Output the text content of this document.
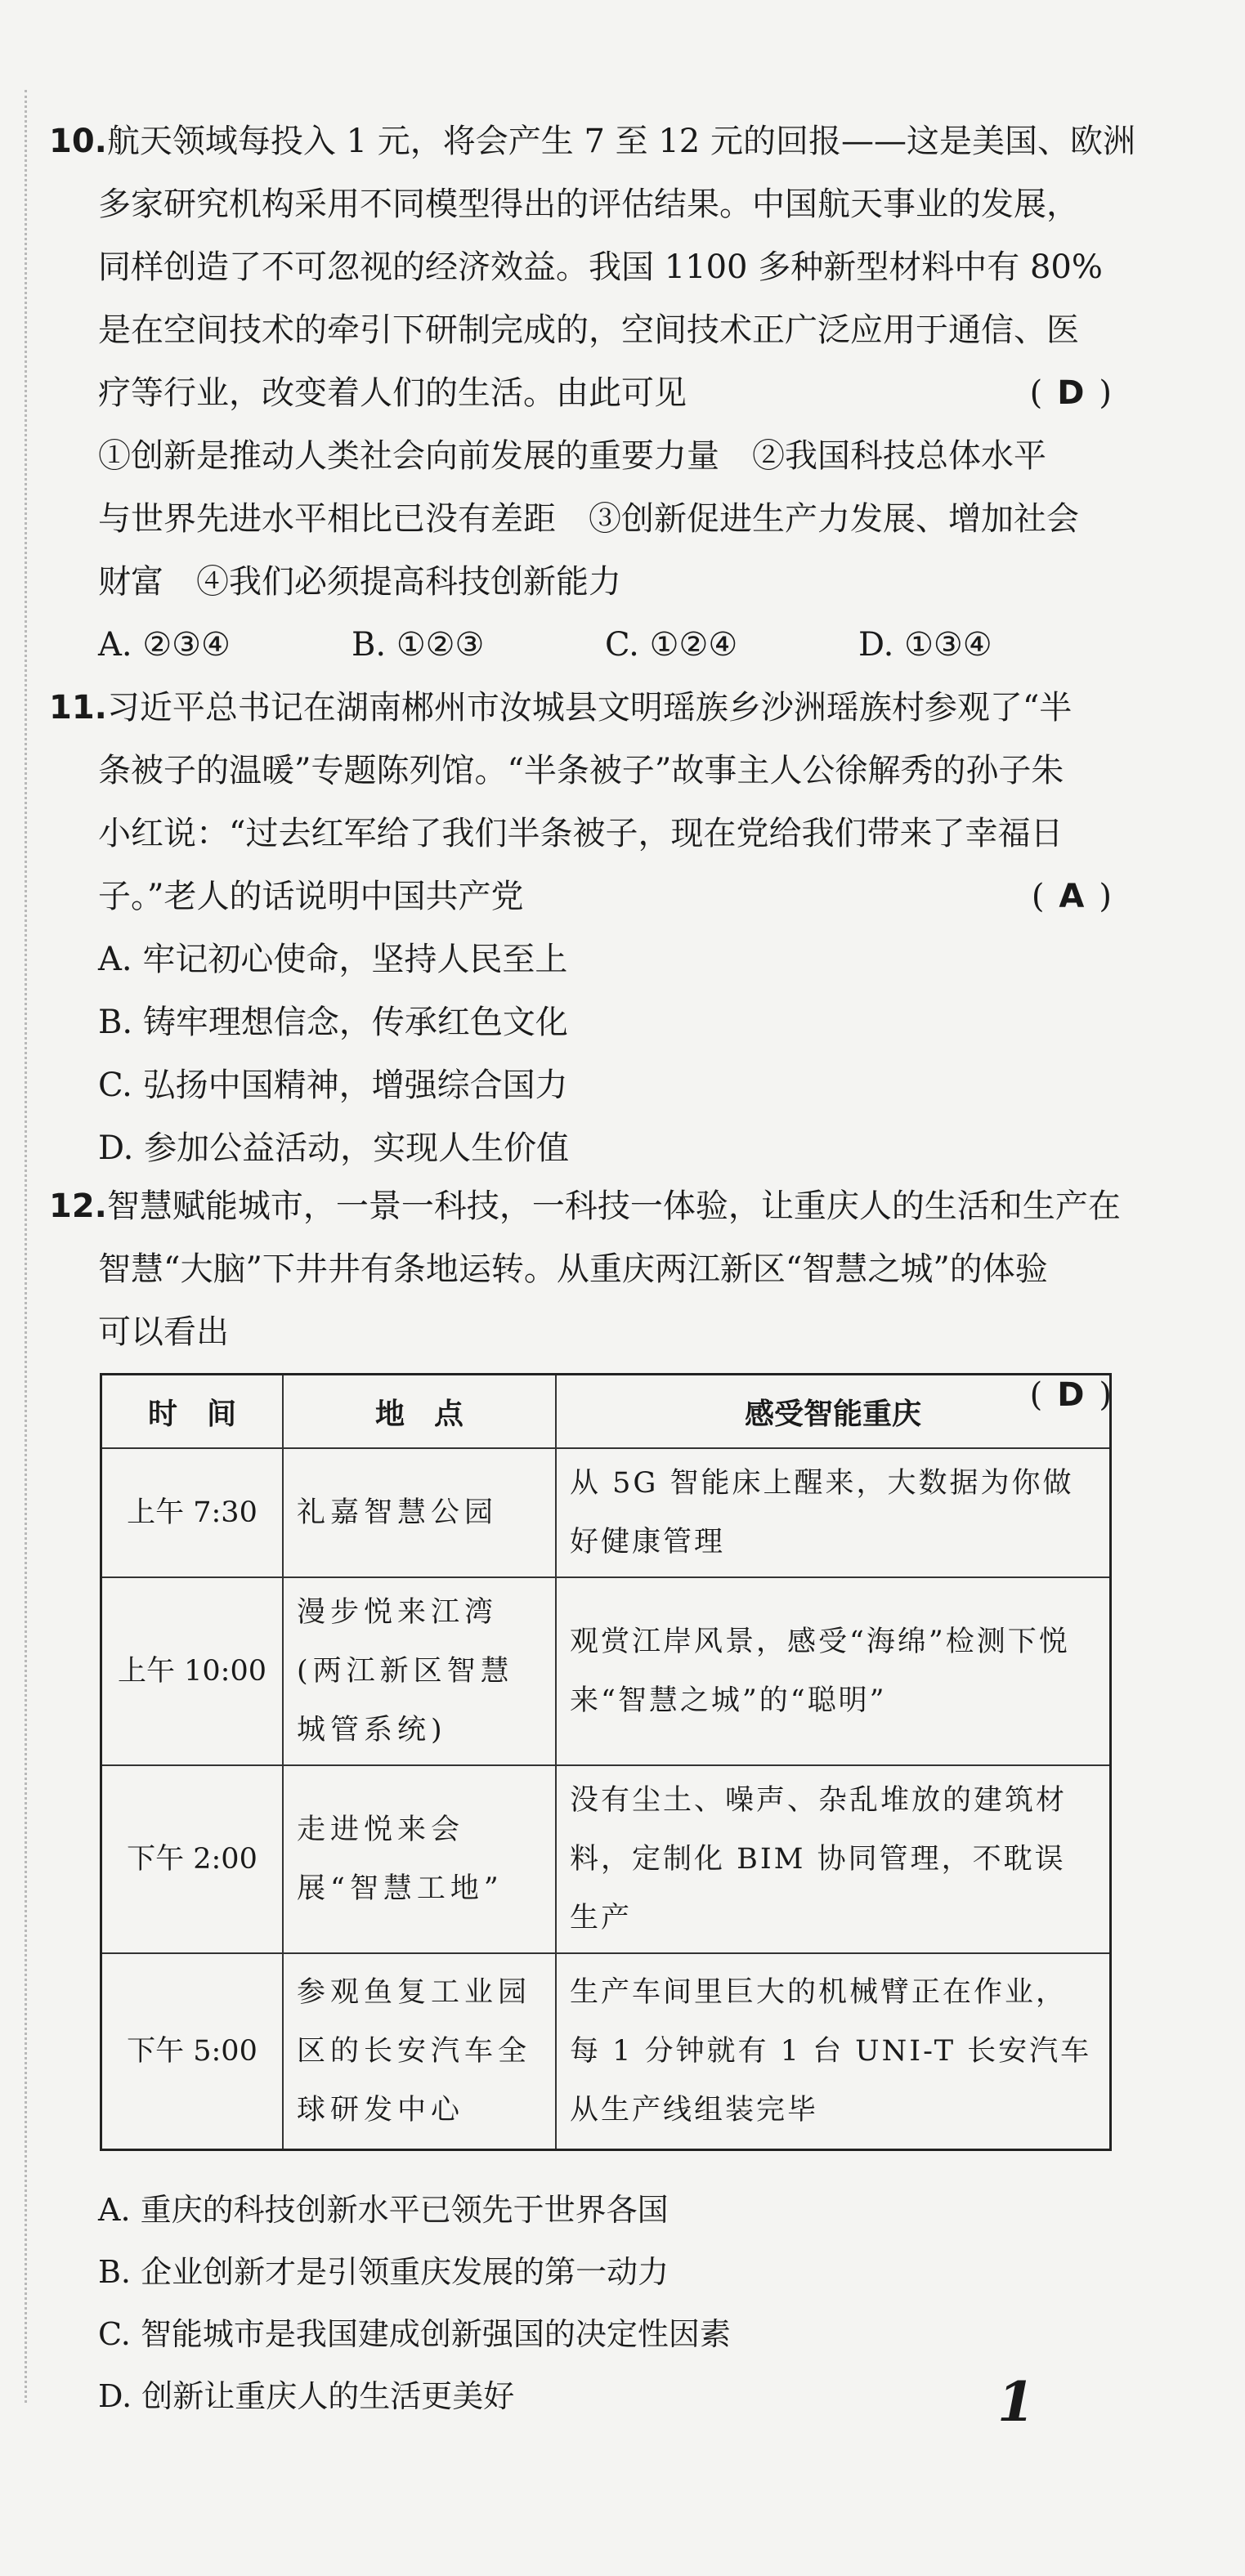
10.航天领域每投入 1 元，将会产生 7 至 12 元的回报——这是美国、欧洲
多家研究机构采用不同模型得出的评估结果。中国航天事业的发展，
同样创造了不可忽视的经济效益。我国 1100 多种新型材料中有 80%
是在空间技术的牵引下研制完成的，空间技术正广泛应用于通信、医
疗等行业，改变着人们的生活。由此可见	( D )
①创新是推动人类社会向前发展的重要力量　②我国科技总体水平
与世界先进水平相比已没有差距　③创新促进生产力发展、增加社会
财富　④我们必须提高科技创新能力
A. ②③④	B. ①②③	C. ①②④	D. ①③④
11.习近平总书记在湖南郴州市汝城县文明瑶族乡沙洲瑶族村参观了“半
条被子的温暖”专题陈列馆。“半条被子”故事主人公徐解秀的孙子朱
小红说：“过去红军给了我们半条被子，现在党给我们带来了幸福日
子。”老人的话说明中国共产党	( A )
A. 牢记初心使命，坚持人民至上
B. 铸牢理想信念，传承红色文化
C. 弘扬中国精神，增强综合国力
D. 参加公益活动，实现人生价值
12.智慧赋能城市，一景一科技，一科技一体验，让重庆人的生活和生产在
智慧“大脑”下井井有条地运转。从重庆两江新区“智慧之城”的体验
可以看出
( D )
时　间	地　点	感受智能重庆
上午 7:30	礼嘉智慧公园	从 5G 智能床上醒来，大数据为你做好健康管理
上午 10:00	漫步悦来江湾(两江新区智慧城管系统)	观赏江岸风景，感受“海绵”检测下悦来“智慧之城”的“聪明”
下午 2:00	走进悦来会展“智慧工地”	没有尘土、噪声、杂乱堆放的建筑材料，定制化 BIM 协同管理，不耽误生产
下午 5:00	参观鱼复工业园区的长安汽车全球研发中心	生产车间里巨大的机械臂正在作业，每 1 分钟就有 1 台 UNI-T 长安汽车从生产线组装完毕
A. 重庆的科技创新水平已领先于世界各国
B. 企业创新才是引领重庆发展的第一动力
C. 智能城市是我国建成创新强国的决定性因素
D. 创新让重庆人的生活更美好	1
